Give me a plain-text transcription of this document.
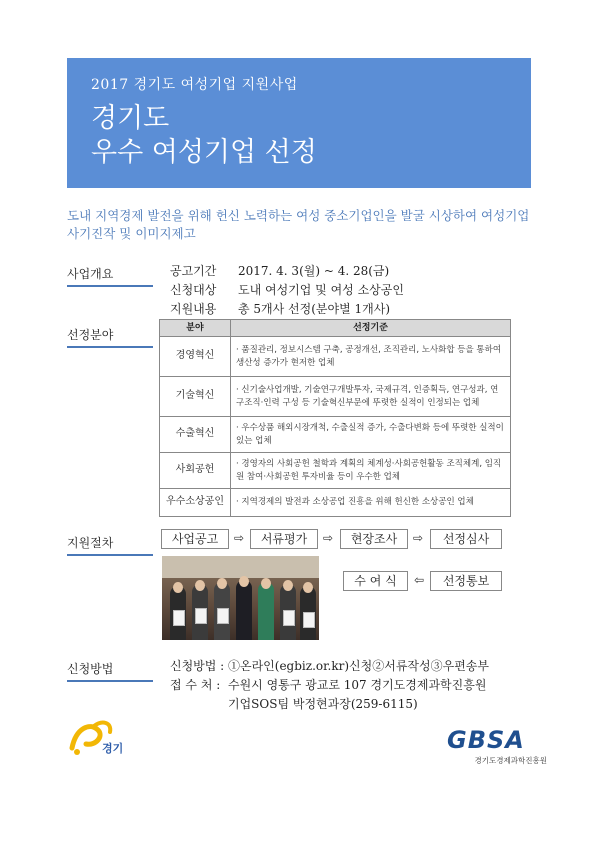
2017 경기도 여성기업 지원사업
경기도
우수 여성기업 선정
도내 지역경제 발전을 위해 헌신 노력하는 여성 중소기업인을 발굴 시상하여 여성기업 사기진작 및 이미지제고
사업개요	공고기간	2017. 4. 3(월) ~ 4. 28(금)
신청대상	도내 여성기업 및 여성 소상공인
지원내용	총 5개사 선정(분야별 1개사)
선정분야
분야	선정기준
경영혁신	· 품질관리, 정보시스템 구축, 공정개선, 조직관리, 노사화합 등을 통하여 생산성 증가가 현저한 업체
기술혁신	· 신기술사업개발, 기술연구개발투자, 국제규격, 인증획득, 연구성과, 연구조직·인력 구성 등 기술혁신부문에 뚜렷한 실적이 인정되는 업체
수출혁신	· 우수상품 해외시장개척, 수출실적 증가, 수출다변화 등에 뚜렷한 실적이 있는 업체
사회공헌	· 경영자의 사회공헌 철학과 계획의 체계성·사회공헌활동 조직체계, 임직원 참여·사회공헌 투자비율 등이 우수한 업체
우수소상공인	· 지역경제의 발전과 소상공업 진흥을 위해 헌신한 소상공인 업체
지원절차	사업공고	⇨	서류평가	⇨	현장조사	⇨	선정심사
수 여 식	⇦	선정통보
신청방법	신청방법 : ①온라인(egbiz.or.kr)신청②서류작성③우편송부
접 수 처 : 수원시 영통구 광교로 107 경기도경제과학진흥원
기업SOS팀 박정현과장(259-6115)
경기	GBSA
경기도경제과학진흥원
